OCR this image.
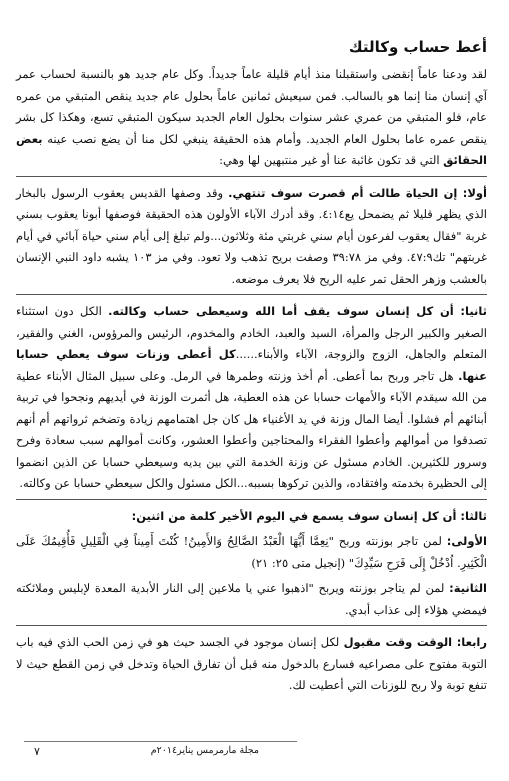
أعط حساب وكالتك

لقد ودعنا عاماً إنقضى واستقبلنا منذ أيام قليلة عاماً جديداً. وكل عام جديد هو بالنسبة لحساب عمر آي إنسان منا إنما هو بالسالب. فمن سيعيش ثمانين عاماً بحلول عام جديد ينقص المتبقي من عمره عام، فلو المتبقي من عمري عشر سنوات بحلول العام الجديد سيكون المتبقي تسع، وهكذا كل بشر ينقص عمره عاما بحلول العام الجديد. وأمام هذه الحقيقة ينبغي لكل منا أن يضع نصب عينه بعض الحقائق التي قد تكون غائبة عنا أو غير منتبهين لها وهي:

أولا: إن الحياة طالت أم قصرت سوف تنتهي. وقد وصفها القديس يعقوب الرسول بالبخار الذي يظهر قليلا ثم يضمحل يع٤:١٤. وقد أدرك الآباء الأولون هذه الحقيقة فوصفها أبونا يعقوب بسني غربة "فقال يعقوب لفرعون أيام سني غربتي مئة وثلاثون...ولم تبلغ إلى أيام سني حياة آبائي في أيام غربتهم" تك٤٧:٩. وفي مز ٣٩:٧٨ وصفت بريح تذهب ولا تعود. وفي مز ١٠٣ يشبه داود النبي الإنسان بالعشب وزهر الحقل تمر عليه الريح فلا يعرف موضعه.

ثانيا: أن كل إنسان سوف يقف أما الله وسيعطى حساب وكالته. الكل دون استثناء الصغير والكبير الرجل والمرأة، السيد والعبد، الخادم والمخدوم، الرئيس والمرؤوس، الغني والفقير، المتعلم والجاهل، الزوج والزوجة، الآباء والأبناء......كل أعطى وزنات سوف يعطي حسابا عنها. هل تاجر وربح بما أعطى. أم أخذ وزنته وطمرها في الرمل. وعلى سبيل المثال الأبناء عطية من الله سيقدم الآباء والأمهات حسابا عن هذه العطية، هل أثمرت الوزنة في أيديهم ونجحوا في تربية أبنائهم أم فشلوا. أيضا المال وزنة في يد الأغنياء هل كان جل اهتمامهم زيادة وتضخم ثرواتهم أم أنهم تصدقوا من أموالهم وأعطوا الفقراء والمحتاجين وأعطوا العشور، وكانت أموالهم سبب سعادة وفرح وسرور للكثيرين. الخادم مسئول عن وزنة الخدمة التي بين يديه وسيعطي حسابا عن الذين انضموا إلى الحظيرة بخدمته وافتقاده، والذين تركوها بسببه...الكل مسئول والكل سيعطي حسابا عن وكالته.

ثالثا: أن كل إنسان سوف يسمع في اليوم الأخير كلمة من اثنين:

الأولى: لمن تاجر بوزنته وربح "نِعِمَّا أَيُّهَا الْعَبْدُ الصَّالِحُ وَالأَمِينُ! كُنْتَ أَمِيناً فِي الْقَلِيلِ فَأُقِيمُكَ عَلَى الْكَثِيرِ. اُدْخُلْ إِلَى فَرَحِ سَيِّدِكَ" (إنجيل متى ٢٥: ٢١)

الثانية: لمن لم يتاجر بوزنته ويربح "اذهبوا عني يا ملاعين إلى النار الأبدية المعدة لإبليس وملائكته فيمضي هؤلاء إلى عذاب أبدي.

رابعا: الوقت وقت مقبول لكل إنسان موجود في الجسد حيث هو في زمن الحب الذي فيه باب التوبة مفتوح على مصراعيه فسارع بالدخول منه قبل أن تفارق الحياة وتدخل في زمن القطع حيث لا تنفع توبة ولا ربح للوزنات التي أعطيت لك.

مجلة مارمرمس يناير٢٠١٤م
٧
